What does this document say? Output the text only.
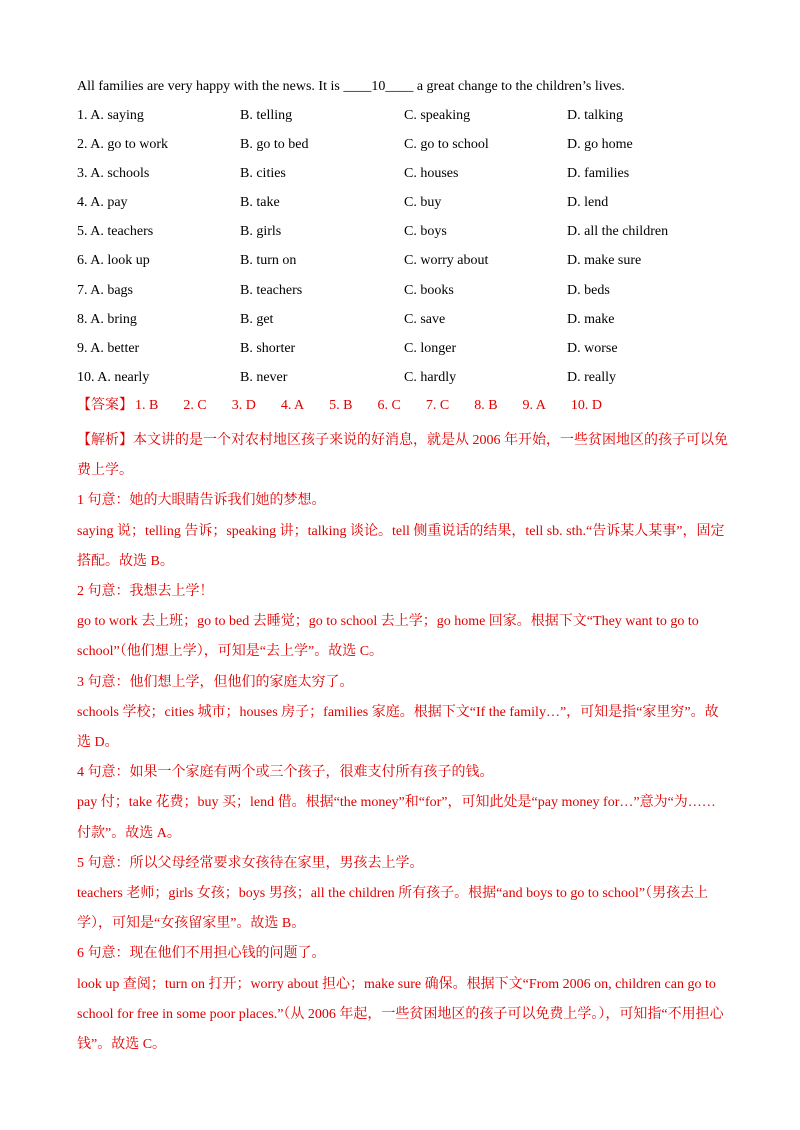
All families are very happy with the news. It is ____10____ a great change to the children’s lives.
1. A. saying	B. telling	C. speaking	D. talking
2. A. go to work	B. go to bed	C. go to school	D. go home
3. A. schools	B. cities	C. houses	D. families
4. A. pay	B. take	C. buy	D. lend
5. A. teachers	B. girls	C. boys	D. all the children
6. A. look up	B. turn on	C. worry about	D. make sure
7. A. bags	B. teachers	C. books	D. beds
8. A. bring	B. get	C. save	D. make
9. A. better	B. shorter	C. longer	D. worse
10. A. nearly	B. never	C. hardly	D. really
【答案】 1. B 2. C 3. D 4. A 5. B 6. C 7. C 8. B 9. A 10. D

【解析】本文讲的是一个对农村地区孩子来说的好消息，就是从 2006 年开始，一些贫困地区的孩子可以免费上学。

1 句意：她的大眼睛告诉我们她的梦想。

saying 说；telling 告诉；speaking 讲；talking 谈论。tell 侧重说话的结果，tell sb. sth.“告诉某人某事”，固定搭配。故选 B。

2 句意：我想去上学！

go to work 去上班；go to bed 去睡觉；go to school 去上学；go home 回家。根据下文“They want to go to school”（他们想上学），可知是“去上学”。故选 C。

3 句意：他们想上学，但他们的家庭太穷了。

schools 学校；cities 城市；houses 房子；families 家庭。根据下文“If the family…”，可知是指“家里穷”。故选 D。

4 句意：如果一个家庭有两个或三个孩子，很难支付所有孩子的钱。

pay 付；take 花费；buy 买；lend 借。根据“the money”和“for”，可知此处是“pay money for…”意为“为……付款”。故选 A。

5 句意：所以父母经常要求女孩待在家里，男孩去上学。

teachers 老师；girls 女孩；boys 男孩；all the children 所有孩子。根据“and boys to go to school”（男孩去上学），可知是“女孩留家里”。故选 B。

6 句意：现在他们不用担心钱的问题了。

look up 查阅；turn on 打开；worry about 担心；make sure 确保。根据下文“From 2006 on, children can go to school for free in some poor places.”（从 2006 年起，一些贫困地区的孩子可以免费上学。），可知指“不用担心钱”。故选 C。
